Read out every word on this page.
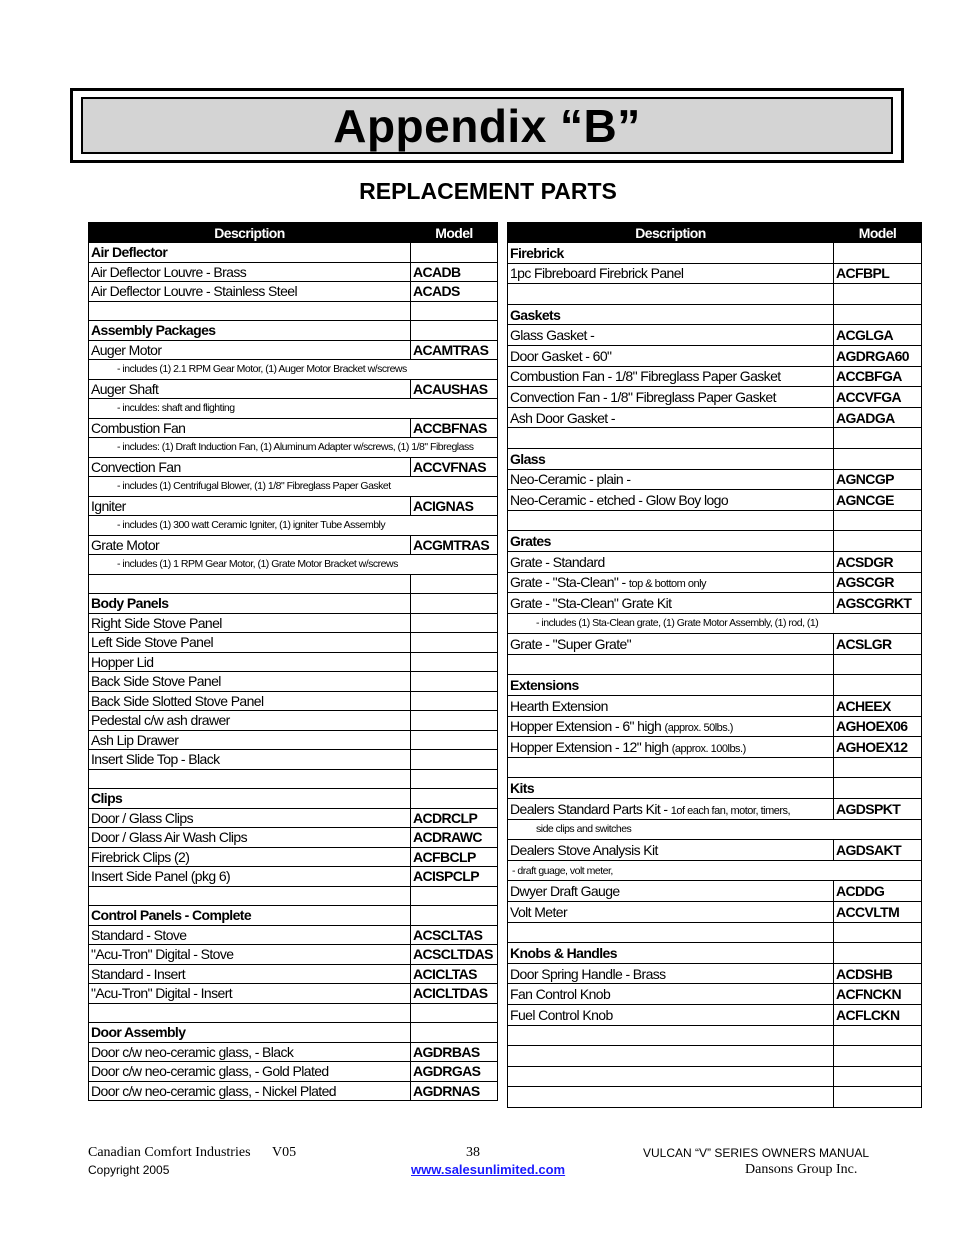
Appendix “B”
REPLACEMENT PARTS
Description	Model
Air Deflector	
Air Deflector Louvre - Brass	ACADB
Air Deflector Louvre - Stainless Steel	ACADS

Assembly Packages	
Auger Motor	ACAMTRAS
- includes (1) 2.1 RPM Gear Motor, (1) Auger Motor Bracket w/screws	
Auger Shaft	ACAUSHAS
- inculdes: shaft and flighting	
Combustion Fan	ACCBFNAS
- includes: (1) Draft Induction Fan, (1) Aluminum Adapter w/screws, (1) 1/8" Fibreglass	
Convection Fan	ACCVFNAS
- includes (1) Centrifugal Blower, (1) 1/8" Fibreglass Paper Gasket	
Igniter	ACIGNAS
- includes (1) 300 watt Ceramic Igniter, (1) igniter Tube Assembly	
Grate Motor	ACGMTRAS
- includes (1) 1 RPM Gear Motor, (1) Grate Motor Bracket w/screws	

Body Panels	
Right Side Stove Panel	
Left Side Stove Panel	
Hopper Lid	
Back Side Stove Panel	
Back Side Slotted Stove Panel	
Pedestal c/w ash drawer	
Ash Lip Drawer	
Insert Slide Top - Black	

Clips	
Door / Glass Clips	ACDRCLP
Door / Glass Air Wash Clips	ACDRAWC
Firebrick Clips (2)	ACFBCLP
Insert Side Panel (pkg 6)	ACISPCLP

Control Panels - Complete	
Standard - Stove	ACSCLTAS
"Acu-Tron" Digital - Stove	ACSCLTDAS
Standard - Insert	ACICLTAS
"Acu-Tron" Digital - Insert	ACICLTDAS

Door Assembly	
Door c/w neo-ceramic glass, - Black	AGDRBAS
Door c/w neo-ceramic glass, - Gold Plated	AGDRGAS
Door c/w neo-ceramic glass, - Nickel Plated	AGDRNAS
Description	Model
Firebrick	
1pc Fibreboard Firebrick Panel	ACFBPL

Gaskets	
Glass Gasket -	ACGLGA
Door Gasket - 60"	AGDRGA60
Combustion Fan - 1/8" Fibreglass Paper Gasket	ACCBFGA
Convection Fan - 1/8" Fibreglass Paper Gasket	ACCVFGA
Ash Door Gasket -	AGADGA

Glass	
Neo-Ceramic - plain -	AGNCGP
Neo-Ceramic - etched - Glow Boy logo	AGNCGE

Grates	
Grate - Standard	ACSDGR
Grate - "Sta-Clean" - top & bottom only	AGSCGR
Grate - "Sta-Clean" Grate Kit	AGSCGRKT
- includes (1) Sta-Clean grate, (1) Grate Motor Assembly, (1) rod, (1)	
Grate - "Super Grate"	ACSLGR

Extensions	
Hearth Extension	ACHEEX
Hopper Extension - 6" high (approx. 50lbs.)	AGHOEX06
Hopper Extension - 12" high (approx. 100lbs.)	AGHOEX12

Kits	
Dealers Standard Parts Kit - 1of each fan, motor, timers,	AGDSPKT
side clips and switches	
Dealers Stove Analysis Kit	AGDSAKT
- draft guage, volt meter,	
Dwyer Draft Gauge	ACDDG
Volt Meter	ACCVLTM

Knobs & Handles	
Door Spring Handle - Brass	ACDSHB
Fan Control Knob	ACFNCKN
Fuel Control Knob	ACFLCKN

Canadian Comfort Industries V05
Copyright 2005
38
www.salesunlimited.com
VULCAN “V” SERIES OWNERS MANUAL
Dansons Group Inc.
